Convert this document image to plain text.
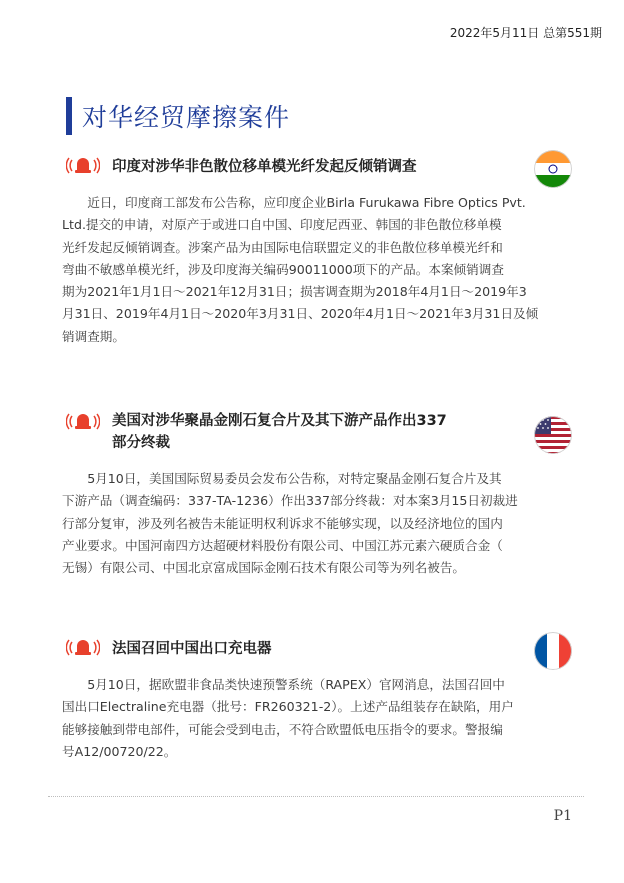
2022年5月11日 总第551期
对华经贸摩擦案件
印度对涉华非色散位移单模光纤发起反倾销调查
近日，印度商工部发布公告称，应印度企业Birla Furukawa Fibre Optics Pvt.
Ltd.提交的申请，对原产于或进口自中国、印度尼西亚、韩国的非色散位移单模
光纤发起反倾销调查。涉案产品为由国际电信联盟定义的非色散位移单模光纤和
弯曲不敏感单模光纤，涉及印度海关编码90011000项下的产品。本案倾销调查
期为2021年1月1日～2021年12月31日；损害调查期为2018年4月1日～2019年3
月31日、2019年4月1日～2020年3月31日、2020年4月1日～2021年3月31日及倾
销调查期。
美国对涉华聚晶金刚石复合片及其下游产品作出337
部分终裁
5月10日，美国国际贸易委员会发布公告称，对特定聚晶金刚石复合片及其
下游产品（调查编码：337-TA-1236）作出337部分终裁：对本案3月15日初裁进
行部分复审，涉及列名被告未能证明权利诉求不能够实现，以及经济地位的国内
产业要求。中国河南四方达超硬材料股份有限公司、中国江苏元素六硬质合金（
无锡）有限公司、中国北京富成国际金刚石技术有限公司等为列名被告。
法国召回中国出口充电器
5月10日，据欧盟非食品类快速预警系统（RAPEX）官网消息，法国召回中
国出口Electraline充电器（批号：FR260321-2）。上述产品组装存在缺陷，用户
能够接触到带电部件，可能会受到电击，不符合欧盟低电压指令的要求。警报编
号A12/00720/22。
P1
